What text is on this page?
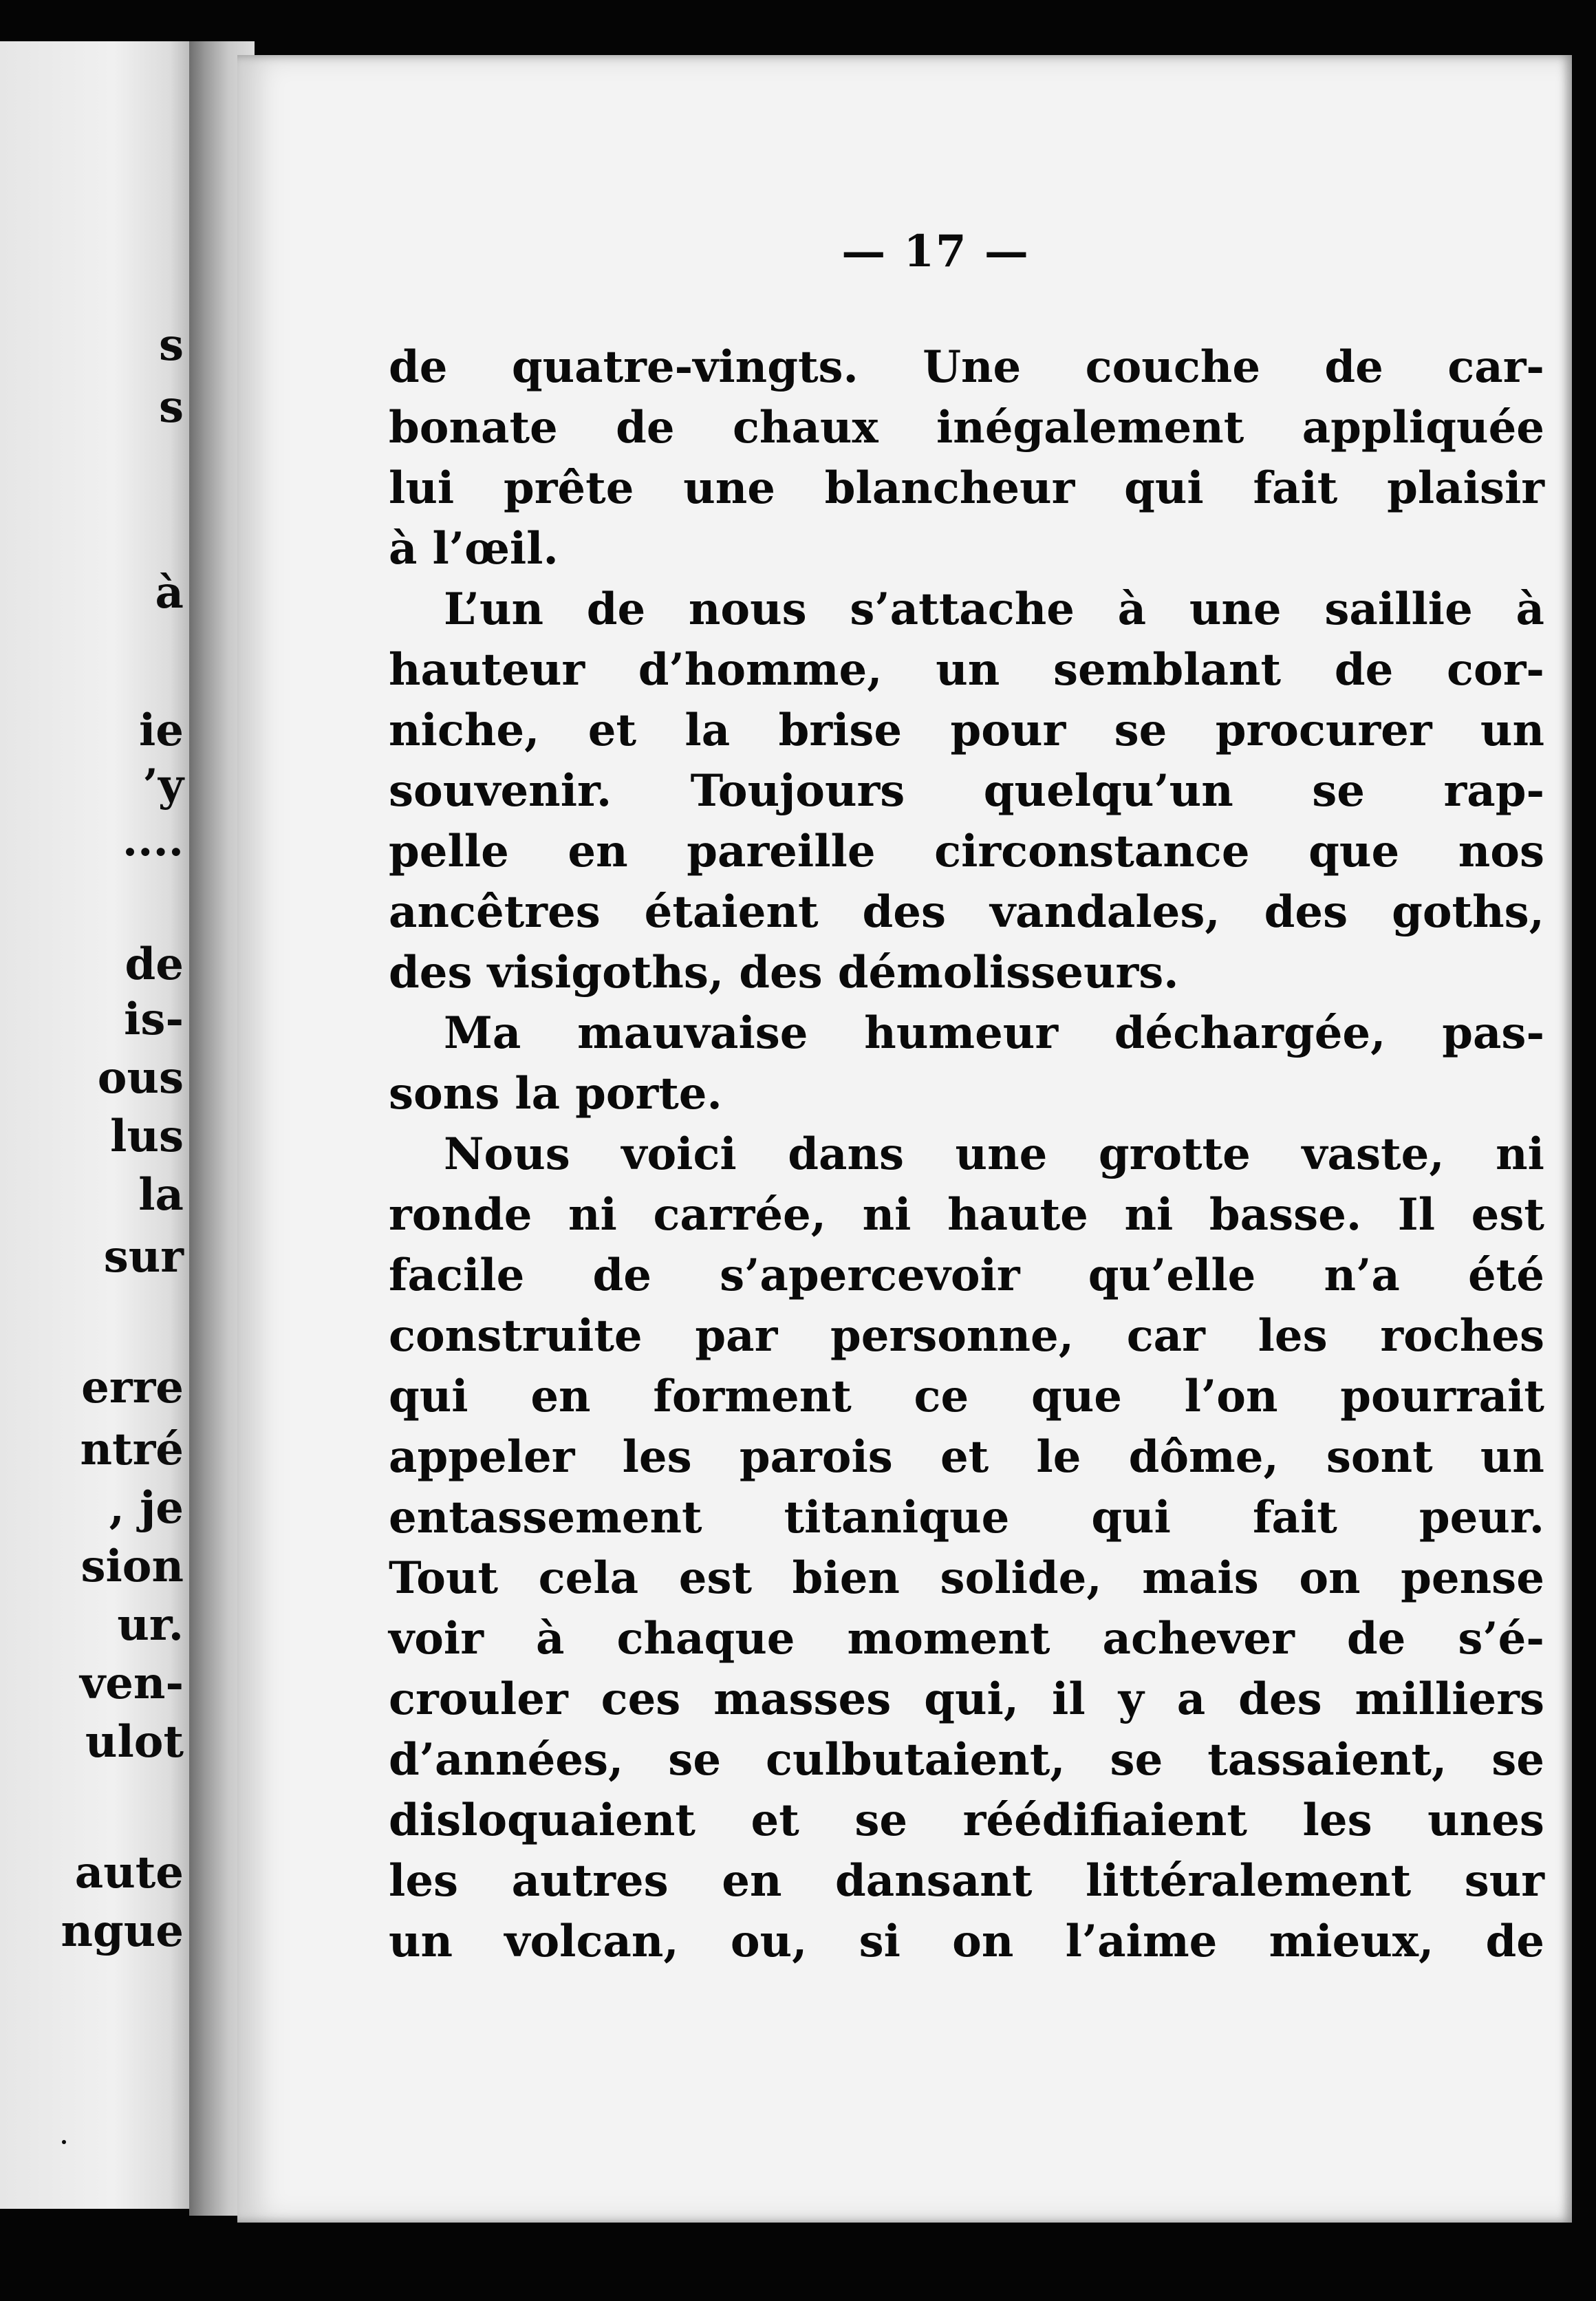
s
s
à
ie
’y
....
de
is-
ous
lus
la
sur
erre
ntré
, je
sion
ur.
ven-
ulot
aute
ngue
— 17 —
de quatre-vingts. Une couche de car-
bonate de chaux inégalement appliquée
lui prête une blancheur qui fait plaisir
à l’œil.
L’un de nous s’attache à une saillie à
hauteur d’homme, un semblant de cor-
niche, et la brise pour se procurer un
souvenir. Toujours quelqu’un se rap-
pelle en pareille circonstance que nos
ancêtres étaient des vandales, des goths,
des visigoths, des démolisseurs.
Ma mauvaise humeur déchargée, pas-
sons la porte.
Nous voici dans une grotte vaste, ni
ronde ni carrée, ni haute ni basse. Il est
facile de s’apercevoir qu’elle n’a été
construite par personne, car les roches
qui en forment ce que l’on pourrait
appeler les parois et le dôme, sont un
entassement titanique qui fait peur.
Tout cela est bien solide, mais on pense
voir à chaque moment achever de s’é-
crouler ces masses qui, il y a des milliers
d’années, se culbutaient, se tassaient, se
disloquaient et se réédifiaient les unes
les autres en dansant littéralement sur
un volcan, ou, si on l’aime mieux, de
